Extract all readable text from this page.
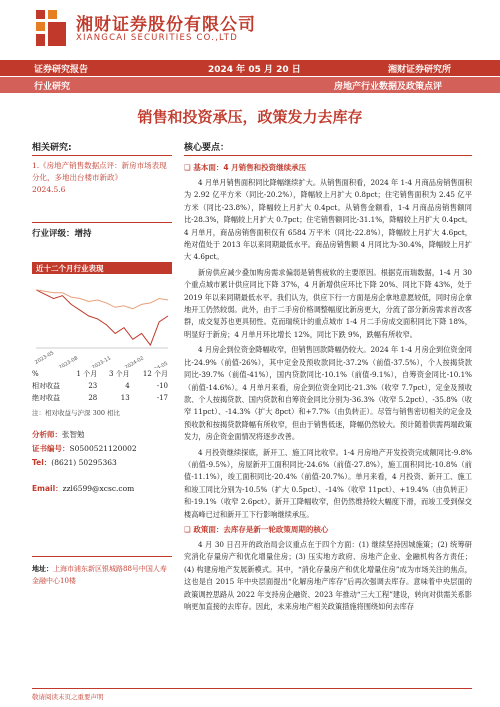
湘财证券股份有限公司
XIANGCAI SECURITIES CO.,LTD
证券研究报告	2024 年 05 月 20 日	湘财证券研究所
行业研究	房地产行业数据及政策点评
销售和投资承压，政策发力去库存
相关研究:
1.《房地产销售数据点评：新房市场表现分化，多地出台楼市新政》
2024.5.6
行业评级：增持
近十二个月行业表现
2023-05 2023-08 2023-11 2024-02
%	1 个月	3 个月	12 个月
相对收益	23	4	-10
绝对收益	28	13	-17
注：相对收益与沪深 300 相比
分析师：张智勉
证书编号：S0500521120002
Tel：(8621) 50295363
Email：zzl6599@xcsc.com
地址：上海市浦东新区银城路88号中国人寿金融中心10楼
核心要点：
❑ 基本面：4 月销售和投资继续承压

4 月单月销售面积同比降幅继续扩大。从销售面积看，2024 年 1-4 月商品房销售面积为 2.92 亿平方米（同比-20.2%），降幅较上月扩大 0.8pct；住宅销售面积为 2.45 亿平方米（同比-23.8%），降幅较上月扩大 0.4pct。从销售金额看，1-4 月商品房销售额同比-28.3%，降幅较上月扩大 0.7pct；住宅销售额同比-31.1%，降幅较上月扩大 0.4pct。4 月单月，商品房销售面积仅有 6584 万平米（同比-22.8%），降幅较上月扩大 4.6pct，绝对值处于 2013 年以来同期最低水平。商品房销售额 4 月同比为-30.4%，降幅较上月扩大 4.6pct。

新房供应减少叠加购房需求偏弱是销售疲软的主要原因。根据克而瑞数据，1-4 月 30 个重点城市累计供应同比下降 37%，4 月新增供应环比下降 20%、同比下降 43%，处于 2019 年以来同期最低水平。我们认为，供应下行一方面是房企拿地意愿较低，同时房企拿地开工仍然较弱。此外，由于二手房价格调整幅度比新房更大，分流了部分新房需求首改客群，成交复苏也更具韧性。克而瑞统计的重点城市 1-4 月二手房成交面积同比下降 18%，明显好于新房；4 月单月环比增长 12%，同比下跌 9%，跌幅有所收窄。

4 月房企到位资金降幅收窄，但销售回款降幅仍较大。2024 年 1-4 月房企到位资金同比-24.9%（前值-26%），其中定金及预收款同比-37.2%（前值-37.5%），个人按揭贷款同比-39.7%（前值-41%），国内贷款同比-10.1%（前值-9.1%），自筹资金同比-10.1%（前值-14.6%）。4 月单月来看，房企到位资金同比-21.3%（收窄 7.7pct），定金及预收款、个人按揭贷款、国内贷款和自筹资金同比分别为-36.3%（收窄 5.2pct）、-35.8%（收窄 11pct）、-14.3%（扩大 8pct）和+7.7%（由负转正）。尽管与销售密切相关的定金及预收款和按揭贷款降幅有所收窄，但由于销售低迷，降幅仍然较大。预计随着供需两端政策发力，房企资金面情况将逐步改善。

4 月投资继续探底，新开工、施工同比收窄。1-4 月房地产开发投资完成额同比-9.8%（前值-9.5%），房屋新开工面积同比-24.6%（前值-27.8%），施工面积同比-10.8%（前值-11.1%），竣工面积同比-20.4%（前值-20.7%）。单月来看，4 月投资、新开工、施工和竣工同比分别为-10.5%（扩大 0.5pct）、-14%（收窄 11pct）、+19.4%（由负转正）和-19.1%（收窄 2.6pct）。新开工降幅收窄，但仍然维持较大幅度下滑，而竣工受到保交楼高峰已过和新开工下行影响继续承压。

❑ 政策面：去库存是新一轮政策周期的核心

4 月 30 日召开的政治局会议重点在于四个方面：(1) 继续坚持因城施策；(2) 统筹研究消化存量房产和优化增量住房；(3) 压实地方政府、房地产企业、金融机构各方责任；(4) 构建房地产发展新模式。其中，“消化存量房产和优化增量住房”成为市场关注的焦点，这也是自 2015 年中央层面提出“化解房地产库存”后再次强调去库存。意味着中央层面的政策调控思路从 2022 年支持房企融资、2023 年推动“三大工程”建设，转向对供需关系影响更加直接的去库存。因此，未来房地产相关政策措施将围绕如何去库存

敬请阅读末页之重要声明
